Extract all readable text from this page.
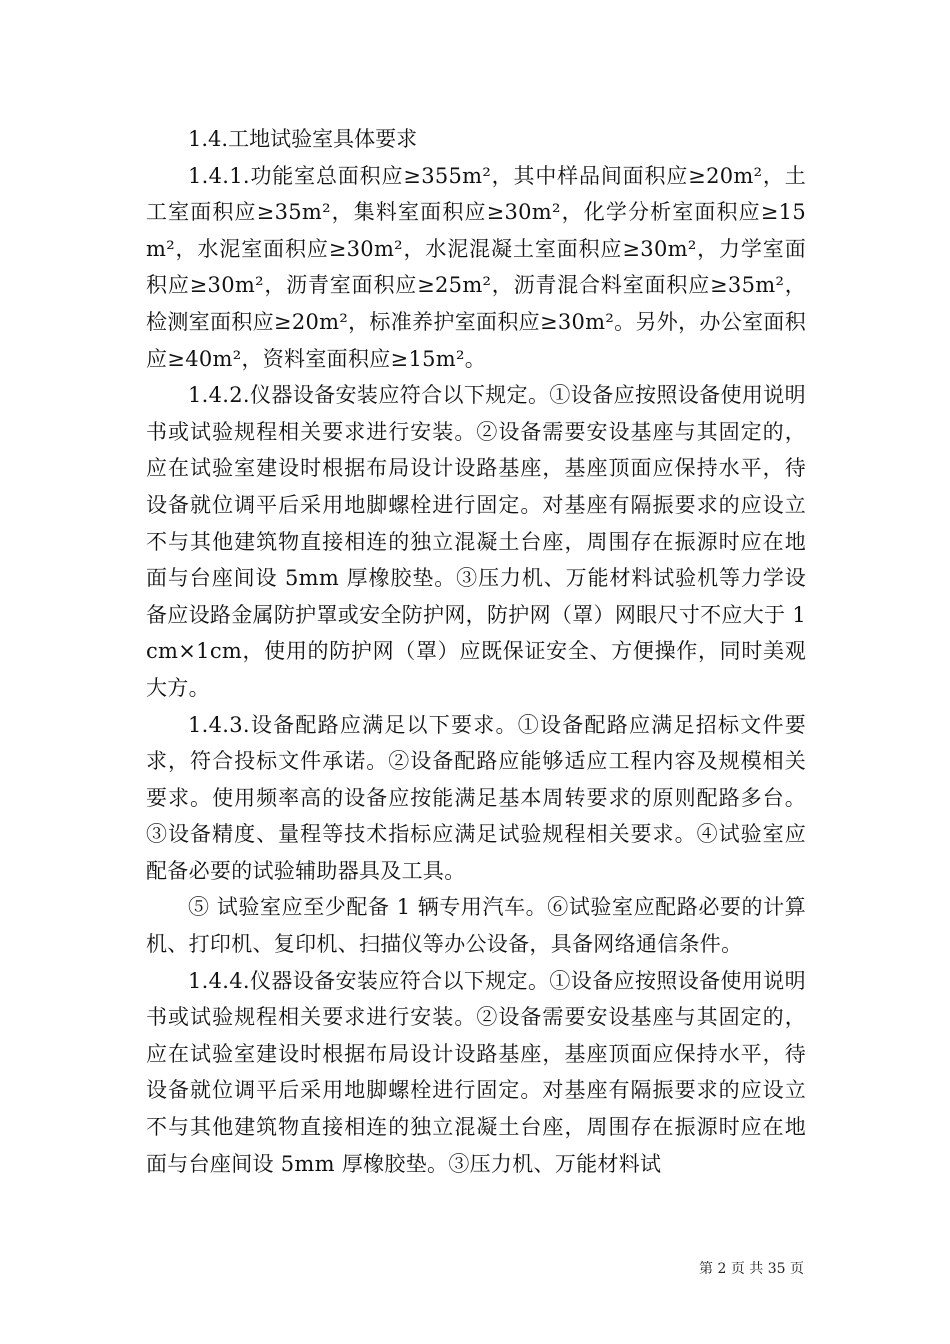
1.4.工地试验室具体要求

1.4.1.功能室总面积应≥355m²，其中样品间面积应≥20m²，土工室面积应≥35m²，集料室面积应≥30m²，化学分析室面积应≥15m²，水泥室面积应≥30m²，水泥混凝土室面积应≥30m²，力学室面积应≥30m²，沥青室面积应≥25m²，沥青混合料室面积应≥35m²，检测室面积应≥20m²，标准养护室面积应≥30m²。另外，办公室面积应≥40m²，资料室面积应≥15m²。

1.4.2.仪器设备安装应符合以下规定。①设备应按照设备使用说明书或试验规程相关要求进行安装。②设备需要安设基座与其固定的，应在试验室建设时根据布局设计设路基座，基座顶面应保持水平，待设备就位调平后采用地脚螺栓进行固定。对基座有隔振要求的应设立不与其他建筑物直接相连的独立混凝土台座，周围存在振源时应在地面与台座间设 5mm 厚橡胶垫。③压力机、万能材料试验机等力学设备应设路金属防护罩或安全防护网，防护网（罩）网眼尺寸不应大于 1cm×1cm，使用的防护网（罩）应既保证安全、方便操作，同时美观大方。

1.4.3.设备配路应满足以下要求。①设备配路应满足招标文件要求，符合投标文件承诺。②设备配路应能够适应工程内容及规模相关要求。使用频率高的设备应按能满足基本周转要求的原则配路多台。③设备精度、量程等技术指标应满足试验规程相关要求。④试验室应配备必要的试验辅助器具及工具。

⑤ 试验室应至少配备 1 辆专用汽车。⑥试验室应配路必要的计算机、打印机、复印机、扫描仪等办公设备，具备网络通信条件。

1.4.4.仪器设备安装应符合以下规定。①设备应按照设备使用说明书或试验规程相关要求进行安装。②设备需要安设基座与其固定的，应在试验室建设时根据布局设计设路基座，基座顶面应保持水平，待设备就位调平后采用地脚螺栓进行固定。对基座有隔振要求的应设立不与其他建筑物直接相连的独立混凝土台座，周围存在振源时应在地面与台座间设 5mm 厚橡胶垫。③压力机、万能材料试

第 2 页 共 35 页
